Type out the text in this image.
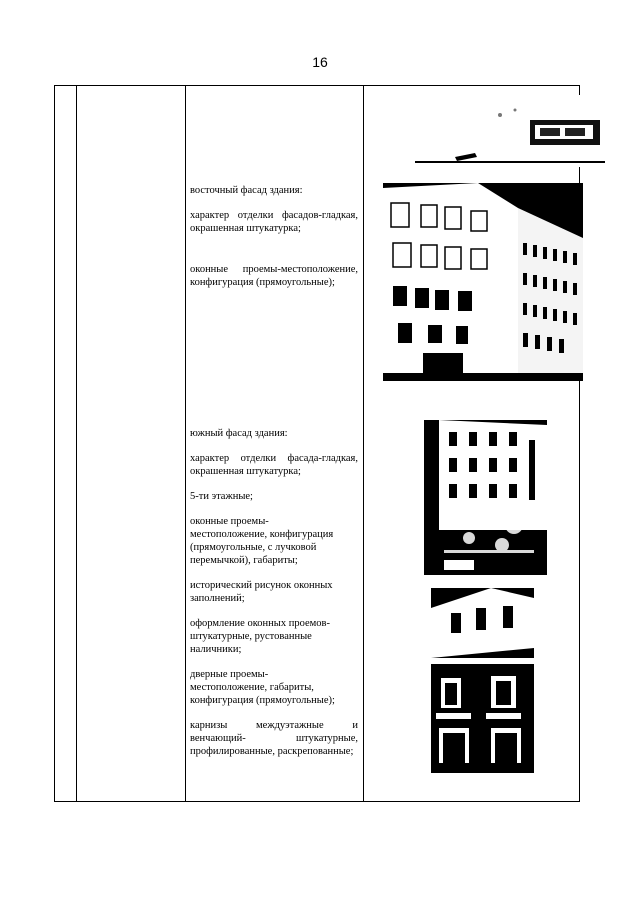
16
восточный фасад здания:
характер отделки фасадов-гладкая, окрашенная штукатурка;
оконные проемы-местоположение, конфигурация (прямоугольные);
южный фасад здания:
характер отделки фасада-гладкая, окрашенная штукатурка;
5-ти этажные;
оконные проемы-
местоположение, конфигурация (прямоугольные, с лучковой перемычкой), габариты;
исторический рисунок оконных заполнений;
оформление оконных проемов-штукатурные, рустованные наличники;
дверные проемы-
местоположение, габариты, конфигурация (прямоугольные);
карнизы междуэтажные и венчающий- штукатурные, профилированные, раскрепованные;
